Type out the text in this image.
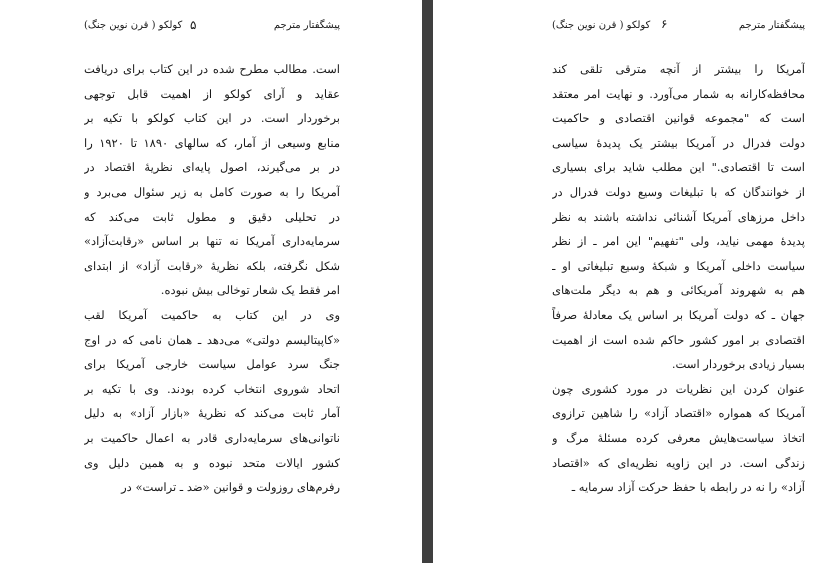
پیشگفتار مترجم
کولکو ( قرن نوین جنگ) ۵
است. مطالب مطرح شده در این کتاب برای دریافت
عقاید و آرای کولکو از اهمیت قابل توجهی
برخوردار است. در این کتاب کولکو با تکیه بر
منابع وسیعی از آمار، که سالهای ۱۸۹۰ تا ۱۹۲۰ را
در بر می‌گیرند، اصول پایه‌ای نظریه‌ٔ اقتصاد در
آمریکا را به صورت کامل به زیر سئوال می‌برد و
در تحلیلی دقیق و مطول ثابت می‌کند که
سرمایه‌داری آمریکا نه تنها بر اساس «رقابت‌آزاد»
شکل نگرفته، بلکه نظریهٔ «رقابت آزاد» از ابتدای
امر فقط یک شعار توخالی بیش نبوده.
وی در این کتاب به حاکمیت آمریکا لقب
«کاپیتالیسم دولتی» می‌دهد ـ همان نامی که در اوج
جنگ سرد عوامل سیاست خارجی آمریکا برای
اتحاد شوروی انتخاب کرده بودند. وی با تکیه بر
آمار ثابت می‌کند که نظریهٔ «بازار آزاد» به دلیل
ناتوانی‌های سرمایه‌داری قادر به اعمال حاکمیت بر
کشور ایالات متحد نبوده و به همین دلیل وی
رفرم‌های روزولت و قوانین «ضد ـ تراست» در
پیشگفتار مترجم
کولکو ( قرن نوین جنگ) ۶
آمریکا را بیشتر از آنچه مترقی تلقی کند
محافظه‌کارانه به شمار می‌آورد. و نهایت امر معتقد
است که "مجموعه قوانین اقتصادی و حاکمیت
دولت فدرال در آمریکا بیشتر یک پدیدهٔ سیاسی
است تا اقتصادی." این مطلب شاید برای بسیاری
از خوانندگان که با تبلیغات وسیع دولت فدرال در
داخل مرزهای آمریکا آشنائی نداشته باشند به نظر
پدیدهٔ مهمی نیاید، ولی "تفهیم" این امر ـ از نظر
سیاست داخلی آمریکا و شبکهٔ وسیع تبلیغاتی او ـ
هم به شهروند آمریکائی و هم به دیگر ملت‌های
جهان ـ که دولت آمریکا بر اساس یک معادلهٔ صرفاً
اقتصادی بر امور کشور حاکم شده است از اهمیت
بسیار زیادی برخوردار است.
عنوان کردن این نظریات در مورد کشوری چون
آمریکا که همواره «اقتصاد آزاد» را شاهین ترازوی
اتخاذ سیاست‌هایش معرفی کرده مسئلهٔ مرگ و
زندگی است. در این زاویه نظریه‌ای که «اقتصاد
آزاد» را نه در رابطه با حفظ حرکت آزاد سرمایه ـ
